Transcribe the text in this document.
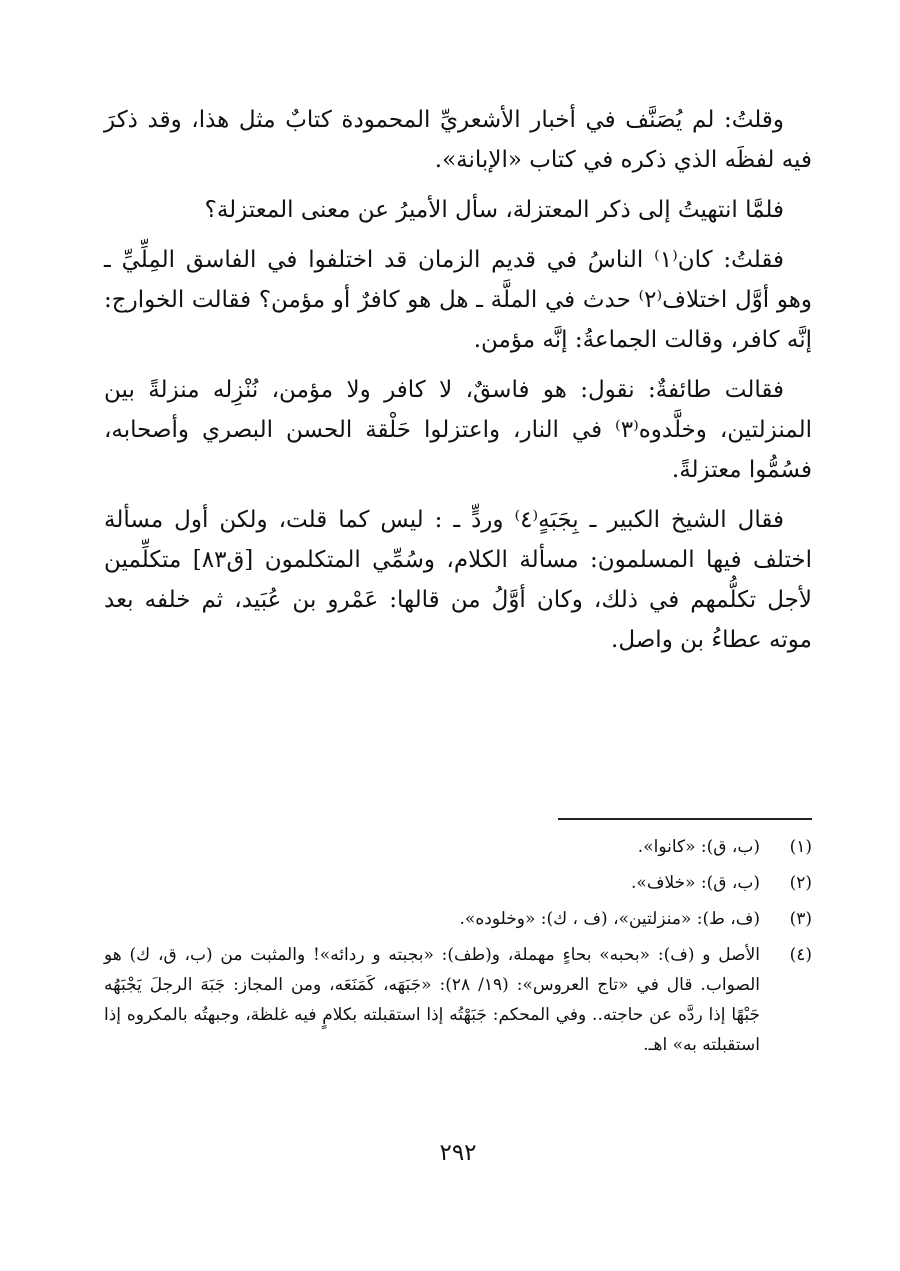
وقلتُ: لم يُصَنَّف في أخبار الأشعريِّ المحمودة كتابٌ مثل هذا، وقد ذكرَ فيه لفظَه الذي ذكره في كتاب «الإبانة».

فلمَّا انتهيتُ إلى ذكر المعتزلة، سأل الأميرُ عن معنى المعتزلة؟

فقلتُ: كان⁽١⁾ الناسُ في قديم الزمان قد اختلفوا في الفاسق المِلِّيِّ ـ وهو أوَّل اختلاف⁽٢⁾ حدث في الملَّة ـ هل هو كافرٌ أو مؤمن؟ فقالت الخوارج: إنَّه كافر، وقالت الجماعةُ: إنَّه مؤمن.

فقالت طائفةٌ: نقول: هو فاسقٌ، لا كافر ولا مؤمن، نُنْزِله منزلةً بين المنزلتين، وخلَّدوه⁽٣⁾ في النار، واعتزلوا حَلْقة الحسن البصري وأصحابه، فسُمُّوا معتزلةً.

فقال الشيخ الكبير ـ بِجَبَهٍ⁽٤⁾ وردٍّ ـ : ليس كما قلت، ولكن أول مسألة اختلف فيها المسلمون: مسألة الكلام، وسُمِّي المتكلمون [ق٨٣] متكلِّمين لأجل تكلُّمهم في ذلك، وكان أوَّلُ من قالها: عَمْرو بن عُبَيد، ثم خلفه بعد موته عطاءُ بن واصل.

(١)
(ب، ق): «كانوا».
(٢)
(ب، ق): «خلاف».
(٣)
(ف، ط): «منزلتين»، (ف ، ك): «وخلوده».
(٤)
الأصل و (ف): «بحبه» بحاءٍ مهملة، و(طف): «بجبته و ردائه»! والمثبت من (ب، ق، ك) هو الصواب. قال في «تاج العروس»: (١٩/ ٢٨): «جَبَهَه، كَمَنَعَه، ومن المجاز: جَبَهَ الرجلَ يَجْبَهُه جَبْهًا إذا ردَّه عن حاجته.. وفي المحكم: جَبَهْتُه إذا استقبلته بكلامٍ فيه غلظة، وجبهتُه بالمكروه إذا استقبلته به» اهـ.
٢٩٢
